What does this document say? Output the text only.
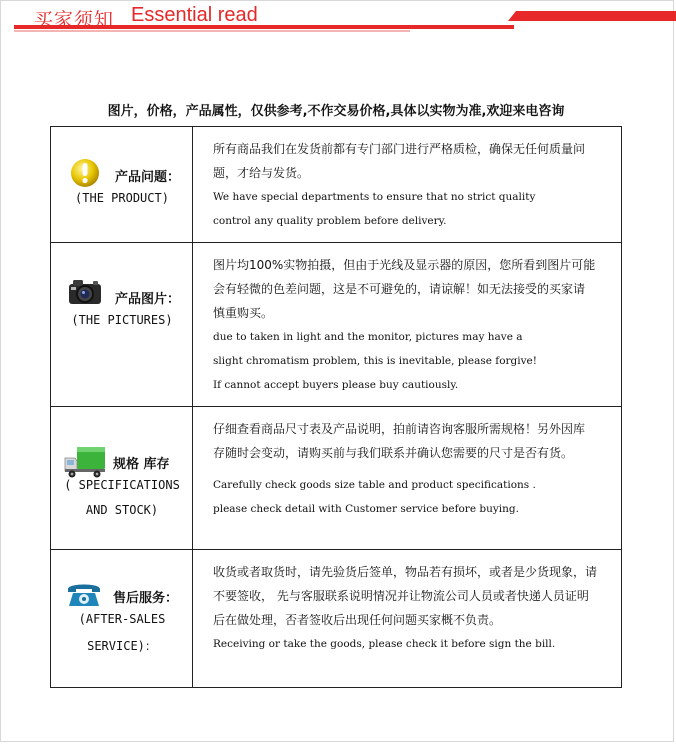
买家须知 Essential read
图片，价格，产品属性，仅供参考,不作交易价格,具体以实物为准,欢迎来电咨询
产品问题：
(THE PRODUCT)

所有商品我们在发货前都有专门部门进行严格质检，确保无任何质量问

题，才给与发货。

We have special departments to ensure that no strict quality

control any quality problem before delivery.

产品图片：
(THE PICTURES)

图片均100%实物拍摄，但由于光线及显示器的原因，您所看到图片可能

会有轻微的色差问题，这是不可避免的，请谅解！如无法接受的买家请

慎重购买。

due to taken in light and the monitor, pictures may have a

slight chromatism problem, this is inevitable, please forgive!

If cannot accept buyers please buy cautiously.

规格 库存
( SPECIFICATIONS
AND STOCK)

仔细查看商品尺寸表及产品说明，拍前请咨询客服所需规格！另外因库

存随时会变动，请购买前与我们联系并确认您需要的尺寸是否有货。

Carefully check goods size table and product specifications .

please check detail with Customer service before buying.

售后服务：
(AFTER-SALES
SERVICE)：

收货或者取货时，请先验货后签单，物品若有损坏，或者是少货现象，请

不要签收， 先与客服联系说明情况并让物流公司人员或者快递人员证明

后在做处理，否者签收后出现任何问题买家概不负责。

Receiving or take the goods, please check it before sign the bill.
